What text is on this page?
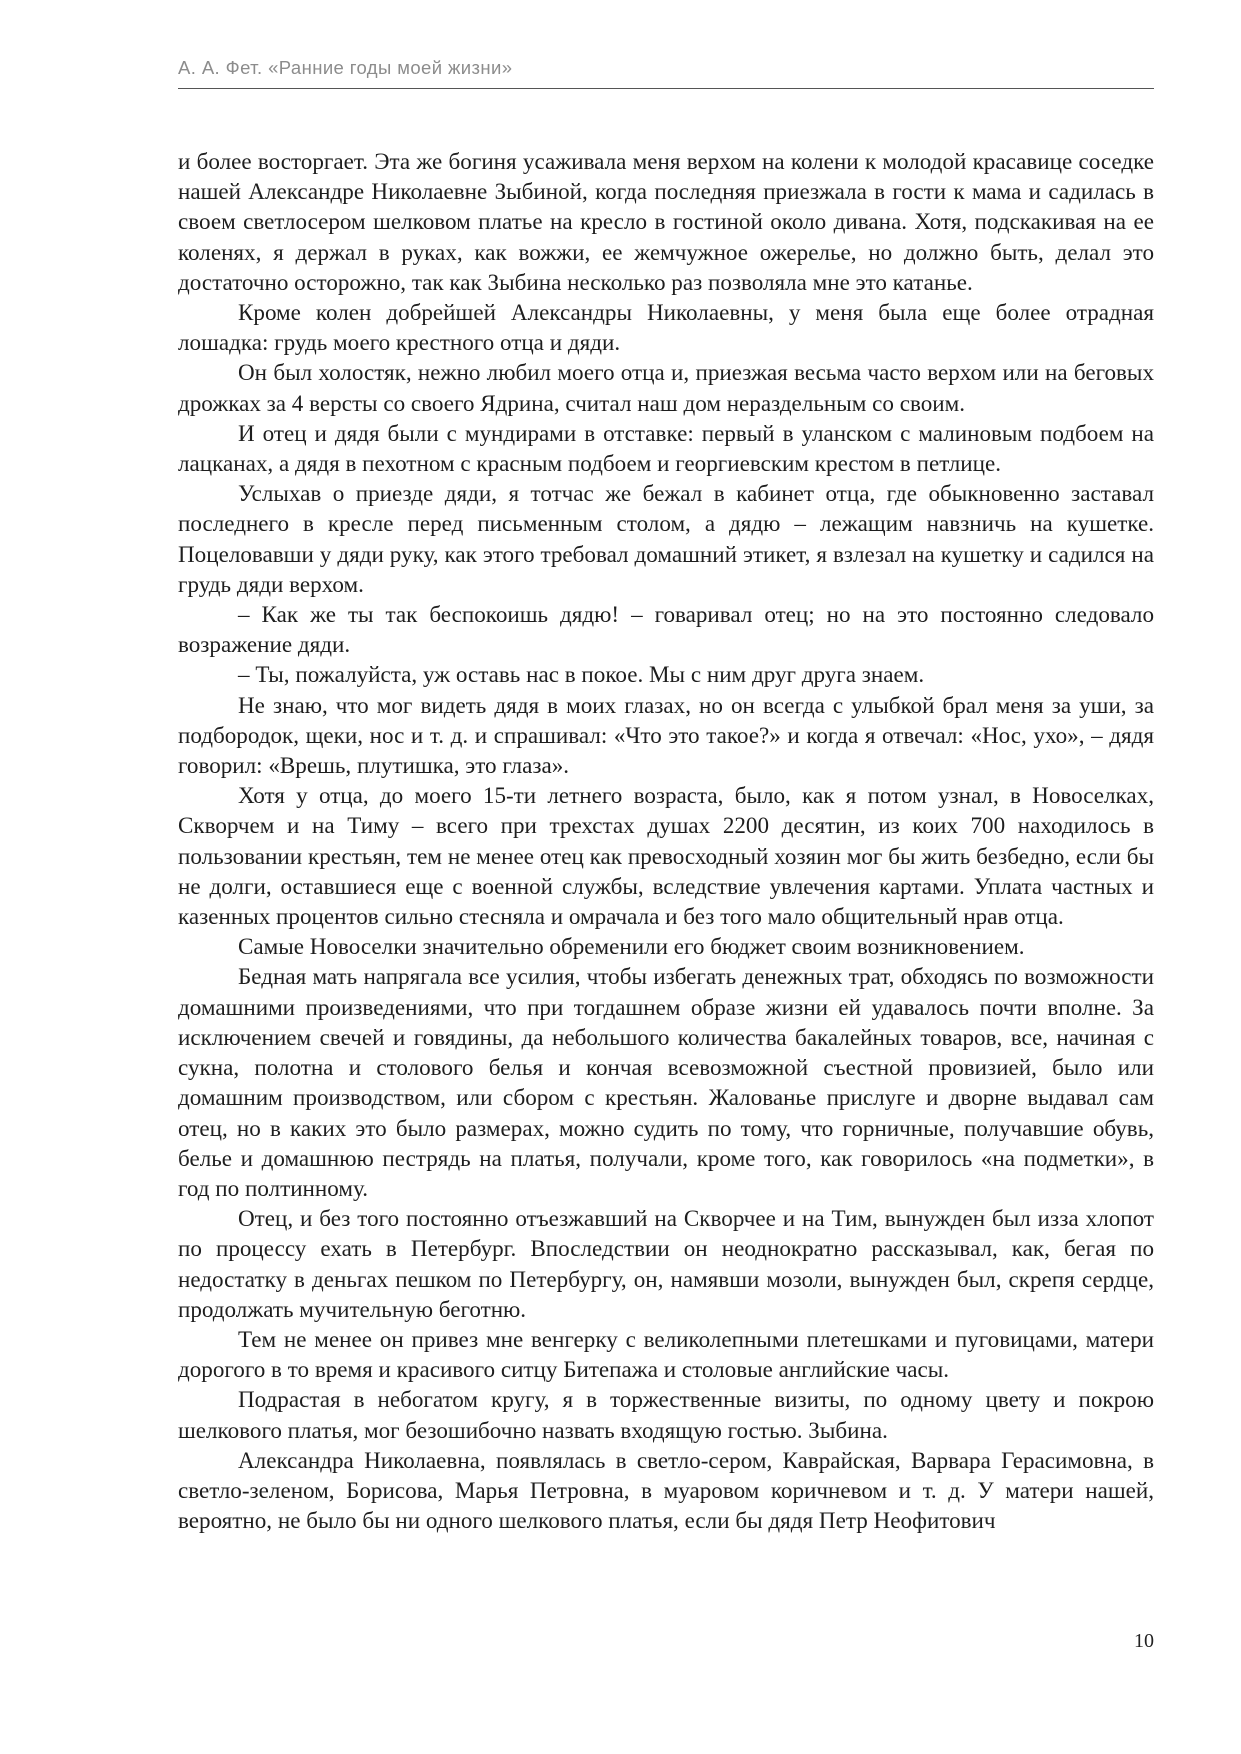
А. А. Фет. «Ранние годы моей жизни»

и более восторгает. Эта же богиня усаживала меня верхом на колени к молодой красавице соседке нашей Александре Николаевне Зыбиной, когда последняя приезжала в гости к мама и садилась в своем светлосером шелковом платье на кресло в гостиной около дивана. Хотя, подскакивая на ее коленях, я держал в руках, как вожжи, ее жемчужное ожерелье, но должно быть, делал это достаточно осторожно, так как Зыбина несколько раз позволяла мне это катанье.

Кроме колен добрейшей Александры Николаевны, у меня была еще более отрадная лошадка: грудь моего крестного отца и дяди.

Он был холостяк, нежно любил моего отца и, приезжая весьма часто верхом или на беговых дрожках за 4 версты со своего Ядрина, считал наш дом нераздельным со своим.

И отец и дядя были с мундирами в отставке: первый в уланском с малиновым подбоем на лацканах, а дядя в пехотном с красным подбоем и георгиевским крестом в петлице.

Услыхав о приезде дяди, я тотчас же бежал в кабинет отца, где обыкновенно заставал последнего в кресле перед письменным столом, а дядю – лежащим навзничь на кушетке. Поцеловавши у дяди руку, как этого требовал домашний этикет, я взлезал на кушетку и садился на грудь дяди верхом.

– Как же ты так беспокоишь дядю! – говаривал отец; но на это постоянно следовало возражение дяди.

– Ты, пожалуйста, уж оставь нас в покое. Мы с ним друг друга знаем.

Не знаю, что мог видеть дядя в моих глазах, но он всегда с улыбкой брал меня за уши, за подбородок, щеки, нос и т. д. и спрашивал: «Что это такое?» и когда я отвечал: «Нос, ухо», – дядя говорил: «Врешь, плутишка, это глаза».

Хотя у отца, до моего 15-ти летнего возраста, было, как я потом узнал, в Новоселках, Скворчем и на Тиму – всего при трехстах душах 2200 десятин, из коих 700 находилось в пользовании крестьян, тем не менее отец как превосходный хозяин мог бы жить безбедно, если бы не долги, оставшиеся еще с военной службы, вследствие увлечения картами. Уплата частных и казенных процентов сильно стесняла и омрачала и без того мало общительный нрав отца.

Самые Новоселки значительно обременили его бюджет своим возникновением.

Бедная мать напрягала все усилия, чтобы избегать денежных трат, обходясь по возможности домашними произведениями, что при тогдашнем образе жизни ей удавалось почти вполне. За исключением свечей и говядины, да небольшого количества бакалейных товаров, все, начиная с сукна, полотна и столового белья и кончая всевозможной съестной провизией, было или домашним производством, или сбором с крестьян. Жалованье прислуге и дворне выдавал сам отец, но в каких это было размерах, можно судить по тому, что горничные, получавшие обувь, белье и домашнюю пестрядь на платья, получали, кроме того, как говорилось «на подметки», в год по полтинному.

Отец, и без того постоянно отъезжавший на Скворчее и на Тим, вынужден был изза хлопот по процессу ехать в Петербург. Впоследствии он неоднократно рассказывал, как, бегая по недостатку в деньгах пешком по Петербургу, он, намявши мозоли, вынужден был, скрепя сердце, продолжать мучительную беготню.

Тем не менее он привез мне венгерку с великолепными плетешками и пуговицами, матери дорогого в то время и красивого ситцу Битепажа и столовые английские часы.

Подрастая в небогатом кругу, я в торжественные визиты, по одному цвету и покрою шелкового платья, мог безошибочно назвать входящую гостью. Зыбина.

Александра Николаевна, появлялась в светло-сером, Каврайская, Варвара Герасимовна, в светло-зеленом, Борисова, Марья Петровна, в муаровом коричневом и т. д. У матери нашей, вероятно, не было бы ни одного шелкового платья, если бы дядя Петр Неофитович

10
